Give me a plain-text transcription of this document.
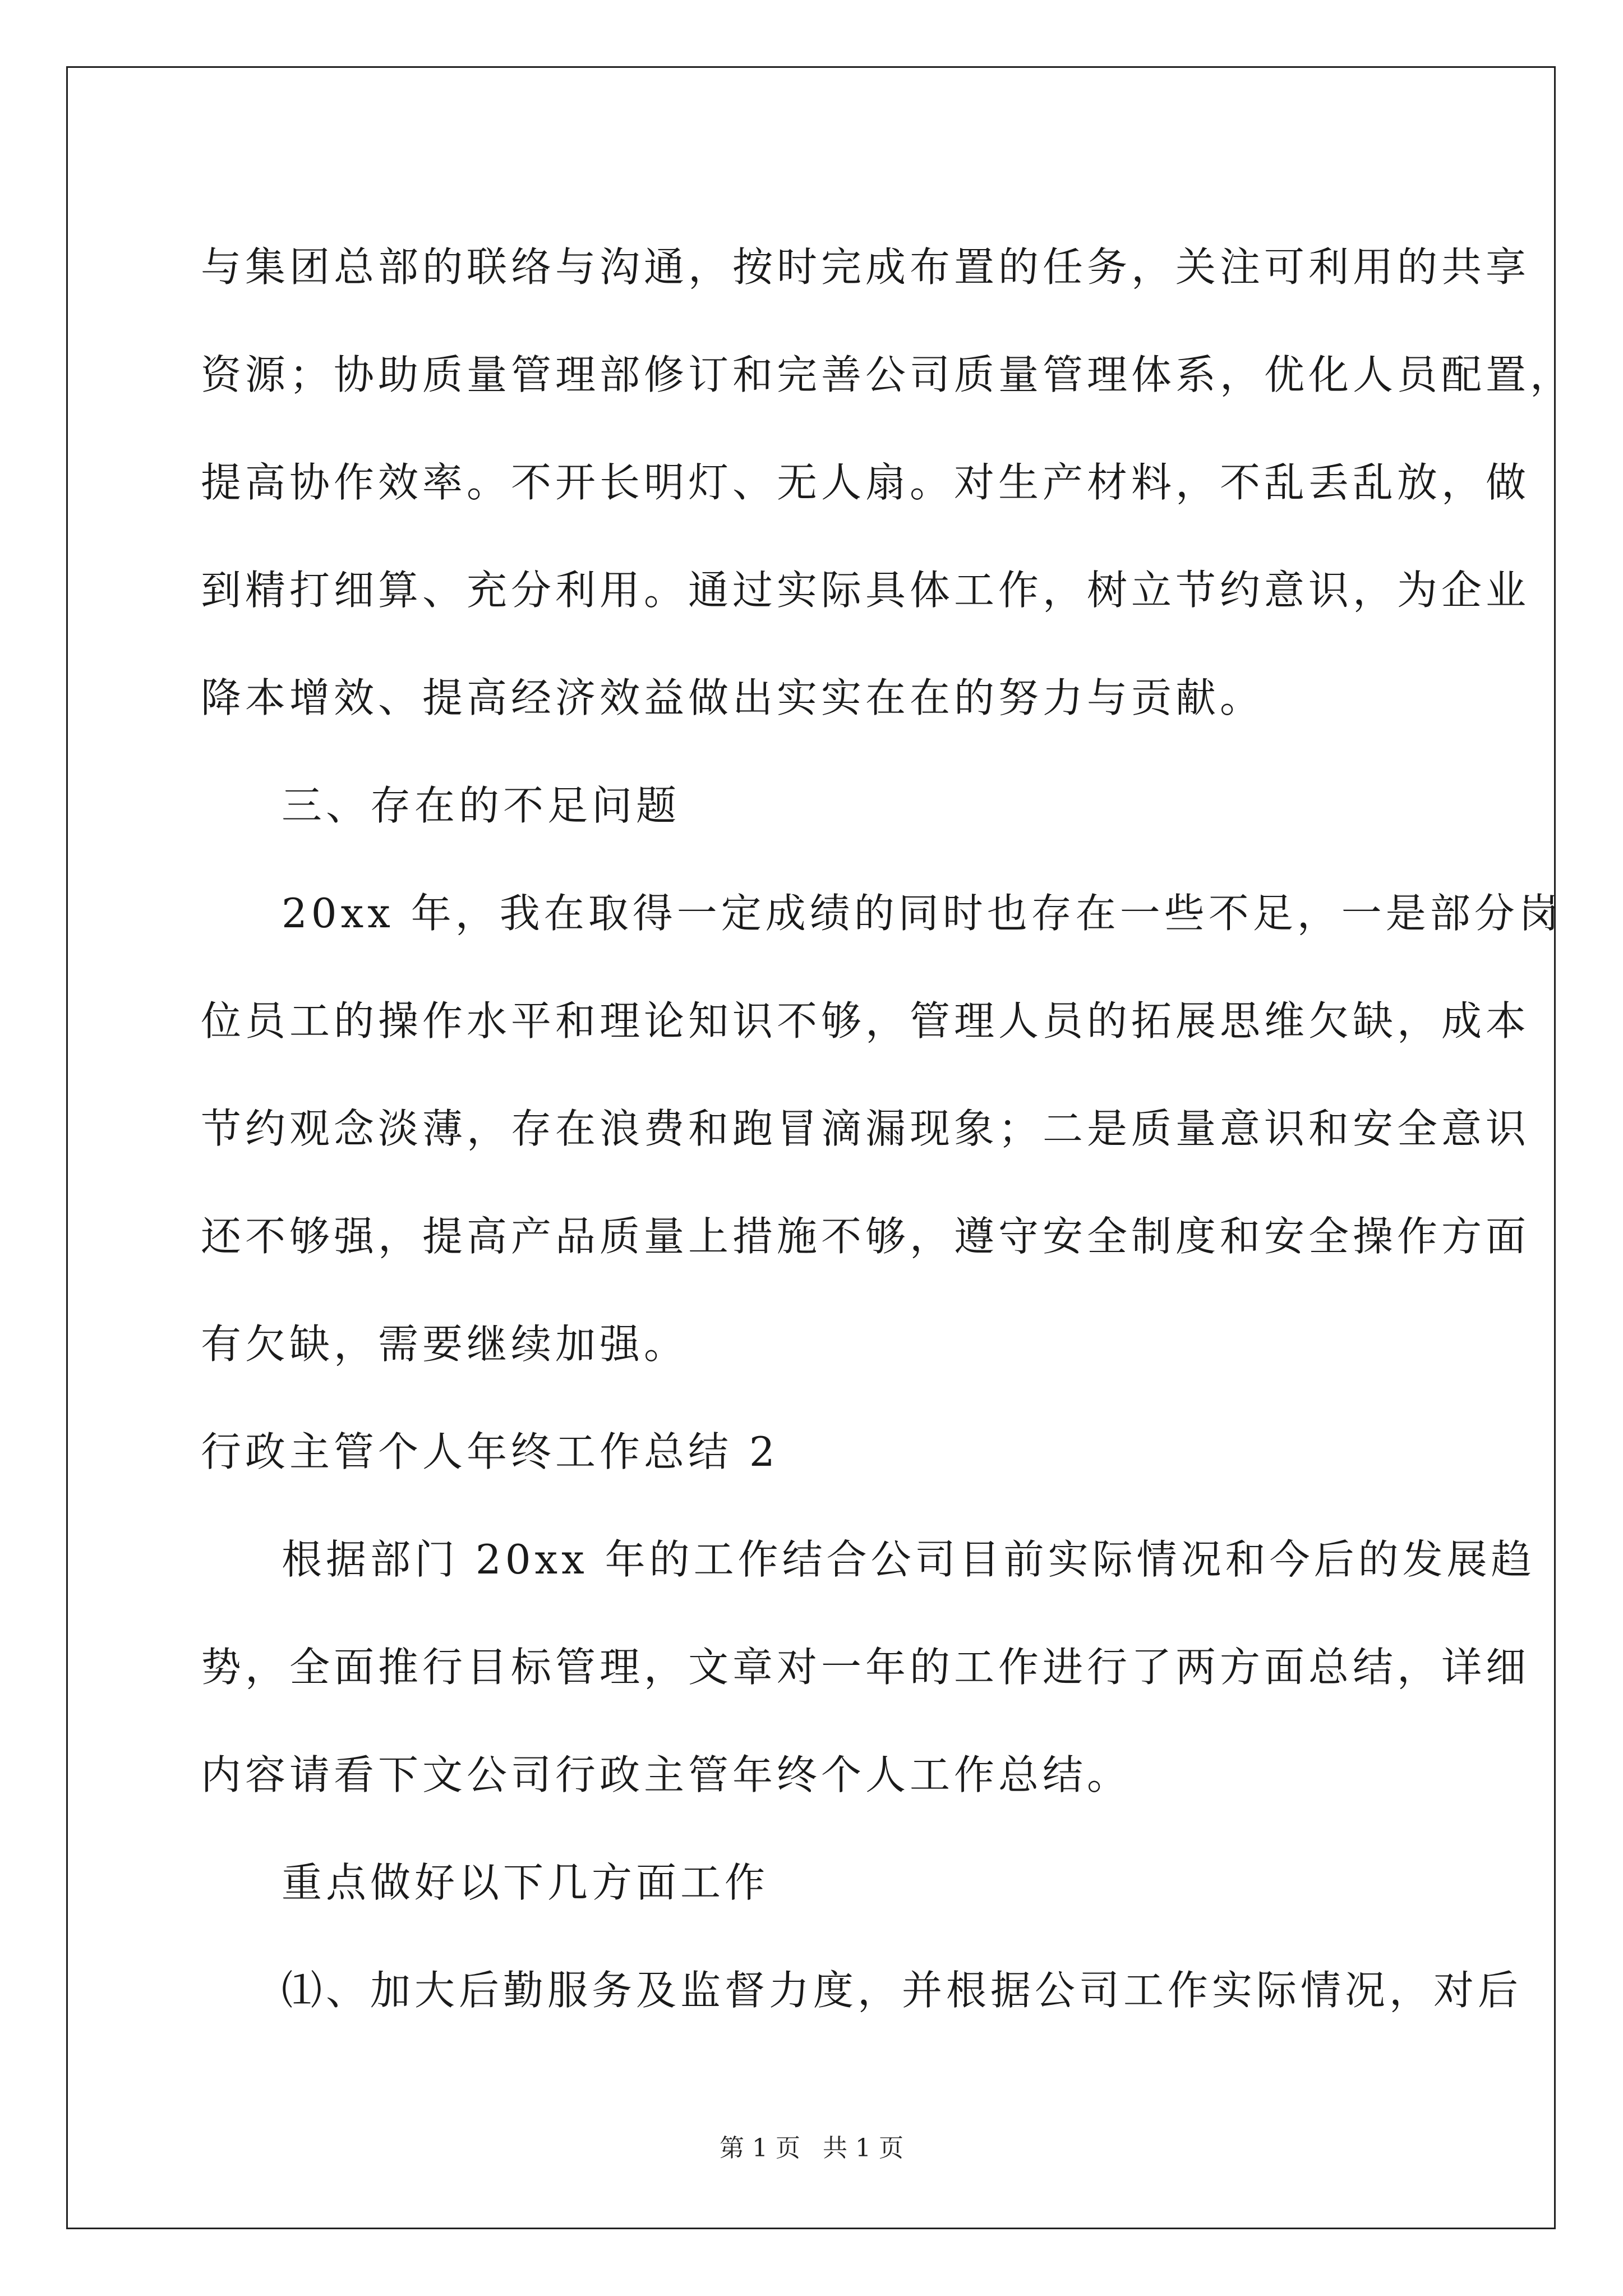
与集团总部的联络与沟通，按时完成布置的任务，关注可利用的共享
资源；协助质量管理部修订和完善公司质量管理体系，优化人员配置，
提高协作效率。不开长明灯、无人扇。对生产材料，不乱丢乱放，做
到精打细算、充分利用。通过实际具体工作，树立节约意识，为企业
降本增效、提高经济效益做出实实在在的努力与贡献。
三、存在的不足问题
20xx 年，我在取得一定成绩的同时也存在一些不足，一是部分岗
位员工的操作水平和理论知识不够，管理人员的拓展思维欠缺，成本
节约观念淡薄，存在浪费和跑冒滴漏现象；二是质量意识和安全意识
还不够强，提高产品质量上措施不够，遵守安全制度和安全操作方面
有欠缺，需要继续加强。
行政主管个人年终工作总结 2
根据部门 20xx 年的工作结合公司目前实际情况和今后的发展趋
势，全面推行目标管理，文章对一年的工作进行了两方面总结，详细
内容请看下文公司行政主管年终个人工作总结。
重点做好以下几方面工作
⑴、加大后勤服务及监督力度，并根据公司工作实际情况，对后
第 1 页 共 1 页
